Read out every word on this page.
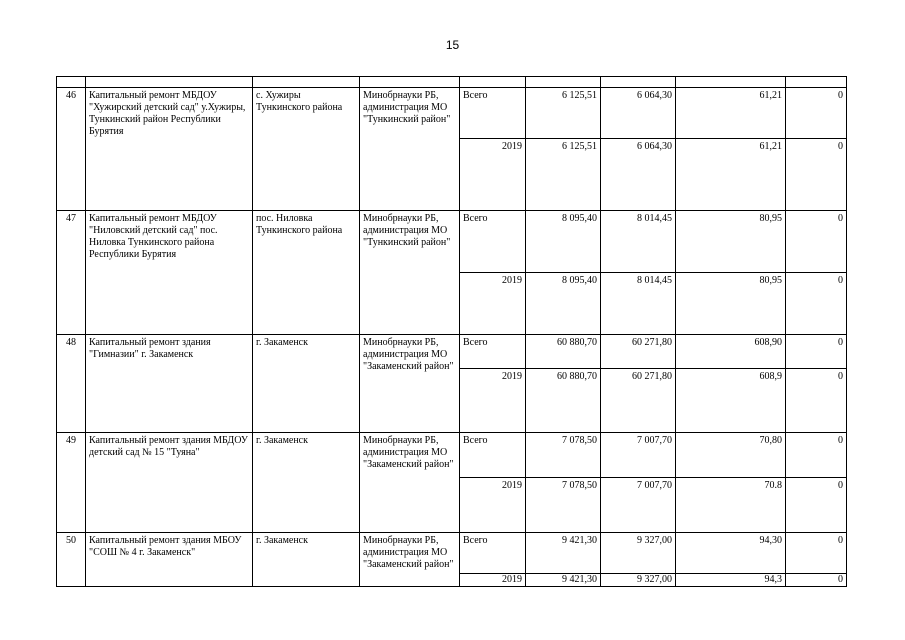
15

46	Капитальный ремонт МБДОУ "Хужирский детский сад" у.Хужиры, Тункинский район Республики Бурятия	с. Хужиры Тункинского района	Минобрнауки РБ, администрация МО "Тункинский район"	Всего	6 125,51	6 064,30	61,21	0
				2019	6 125,51	6 064,30	61,21	0
47	Капитальный ремонт МБДОУ "Ниловский детский сад" пос. Ниловка Тункинского района Республики Бурятия	пос. Ниловка Тункинского района	Минобрнауки РБ, администрация МО "Тункинский район"	Всего	8 095,40	8 014,45	80,95	0
				2019	8 095,40	8 014,45	80,95	0
48	Капитальный ремонт здания "Гимназии" г. Закаменск	г. Закаменск	Минобрнауки РБ, администрация МО "Закаменский район"	Всего	60 880,70	60 271,80	608,90	0
				2019	60 880,70	60 271,80	608,9	0
49	Капитальный ремонт здания МБДОУ детский сад № 15 "Туяна"	г. Закаменск	Минобрнауки РБ, администрация МО "Закаменский район"	Всего	7 078,50	7 007,70	70,80	0
				2019	7 078,50	7 007,70	70.8	0
50	Капитальный ремонт здания МБОУ "СОШ № 4 г. Закаменск"	г. Закаменск	Минобрнауки РБ, администрация МО "Закаменский район"	Всего	9 421,30	9 327,00	94,30	0
				2019	9 421,30	9 327,00	94,3	0
